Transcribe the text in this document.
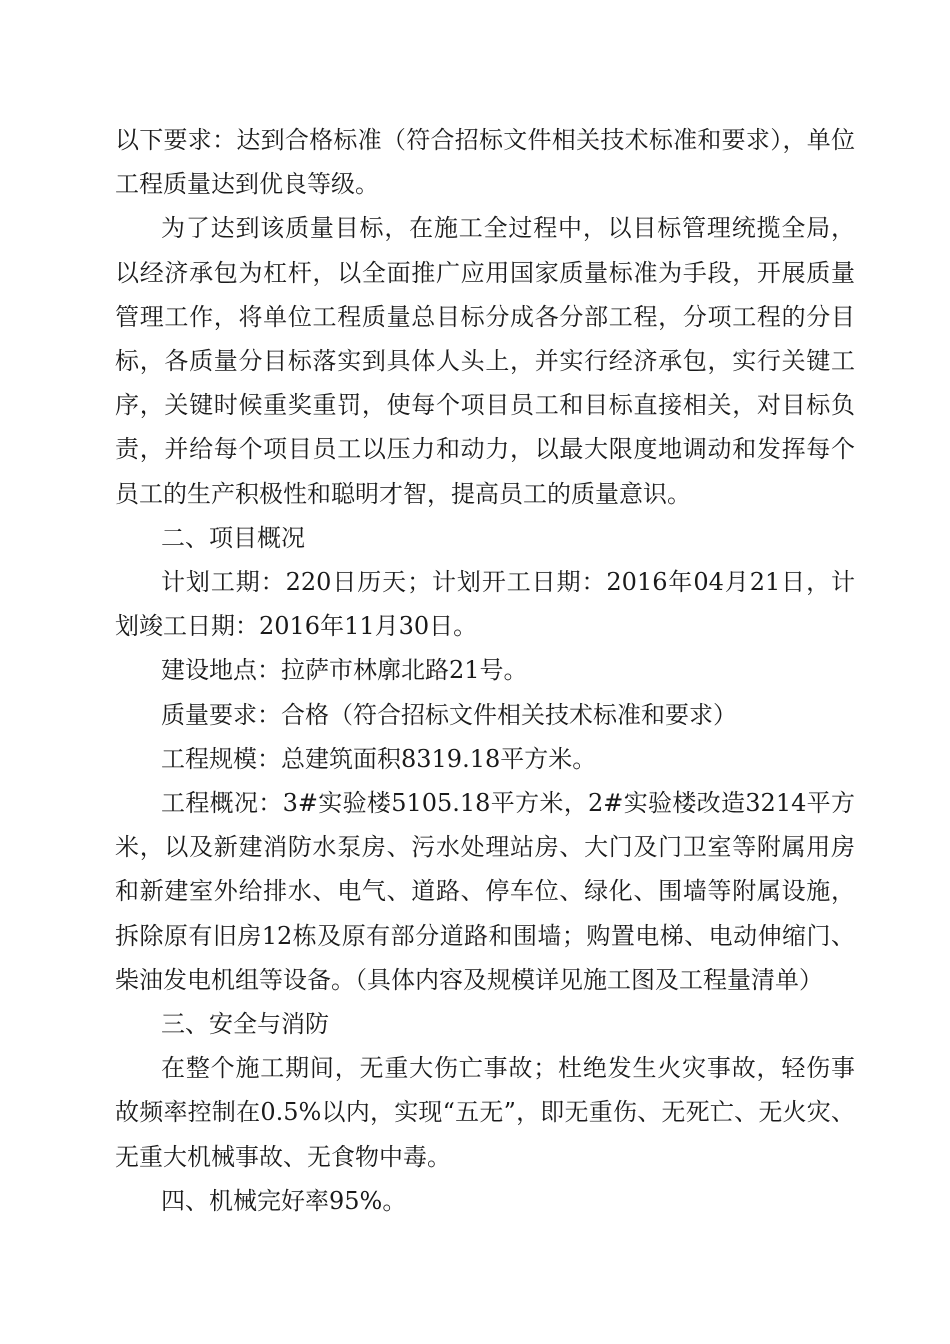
以下要求：达到合格标准（符合招标文件相关技术标准和要求），单位工程质量达到优良等级。

为了达到该质量目标，在施工全过程中，以目标管理统揽全局，以经济承包为杠杆，以全面推广应用国家质量标准为手段，开展质量管理工作，将单位工程质量总目标分成各分部工程，分项工程的分目标，各质量分目标落实到具体人头上，并实行经济承包，实行关键工序，关键时候重奖重罚，使每个项目员工和目标直接相关，对目标负责，并给每个项目员工以压力和动力，以最大限度地调动和发挥每个员工的生产积极性和聪明才智，提高员工的质量意识。

二、项目概况

计划工期：220日历天；计划开工日期：2016年04月21日，计划竣工日期：2016年11月30日。

建设地点：拉萨市林廓北路21号。

质量要求：合格（符合招标文件相关技术标准和要求）

工程规模：总建筑面积8319.18平方米。

工程概况：3#实验楼5105.18平方米，2#实验楼改造3214平方米，以及新建消防水泵房、污水处理站房、大门及门卫室等附属用房和新建室外给排水、电气、道路、停车位、绿化、围墙等附属设施，拆除原有旧房12栋及原有部分道路和围墙；购置电梯、电动伸缩门、柴油发电机组等设备。（具体内容及规模详见施工图及工程量清单）

三、安全与消防

在整个施工期间，无重大伤亡事故；杜绝发生火灾事故，轻伤事故频率控制在0.5%以内，实现“五无”，即无重伤、无死亡、无火灾、无重大机械事故、无食物中毒。

四、机械完好率95%。
